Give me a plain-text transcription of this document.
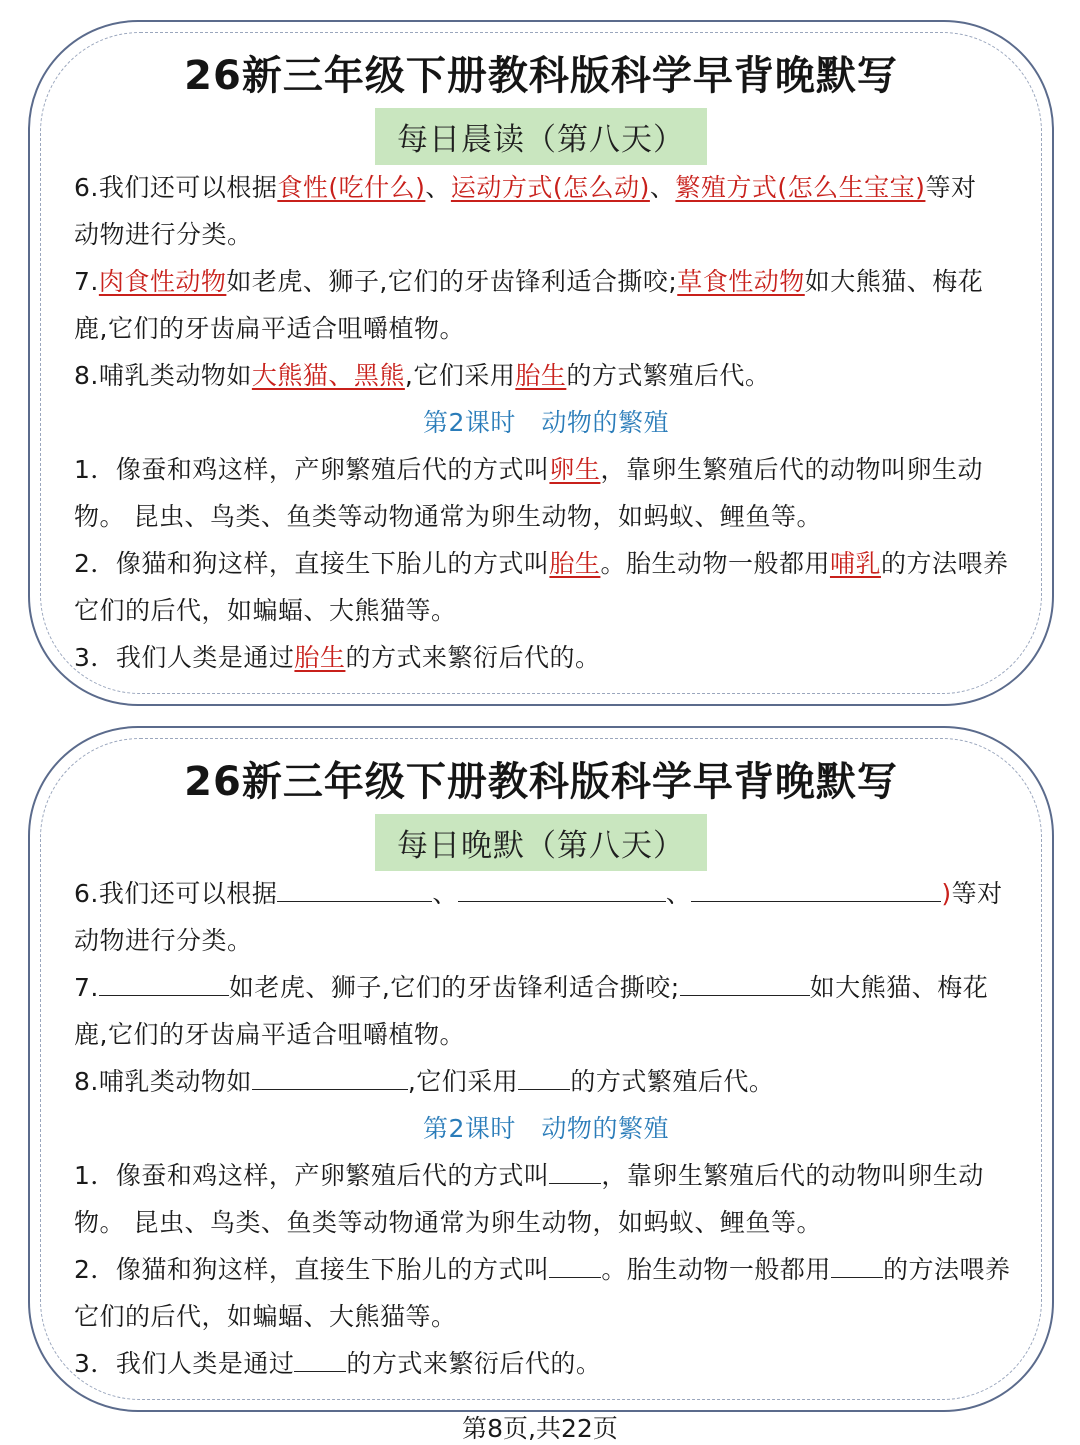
26新三年级下册教科版科学早背晚默写
每日晨读（第八天）
6.我们还可以根据食性(吃什么)、运动方式(怎么动)、繁殖方式(怎么生宝宝)等对
动物进行分类。
7.肉食性动物如老虎、狮子,它们的牙齿锋利适合撕咬;草食性动物如大熊猫、梅花
鹿,它们的牙齿扁平适合咀嚼植物。
8.哺乳类动物如大熊猫、黑熊,它们采用胎生的方式繁殖后代。
第2课时　动物的繁殖
1．像蚕和鸡这样，产卵繁殖后代的方式叫卵生，靠卵生繁殖后代的动物叫卵生动
物。 昆虫、鸟类、鱼类等动物通常为卵生动物，如蚂蚁、鲤鱼等。
2．像猫和狗这样，直接生下胎儿的方式叫胎生。胎生动物一般都用哺乳的方法喂养
它们的后代，如蝙蝠、大熊猫等。
3．我们人类是通过胎生的方式来繁衍后代的。
26新三年级下册教科版科学早背晚默写
每日晚默（第八天）
6.我们还可以根据	、	、	)等对
动物进行分类。
7.	如老虎、狮子,它们的牙齿锋利适合撕咬;	如大熊猫、梅花
鹿,它们的牙齿扁平适合咀嚼植物。
8.哺乳类动物如	,它们采用 的方式繁殖后代。
第2课时　动物的繁殖
1．像蚕和鸡这样，产卵繁殖后代的方式叫 ，靠卵生繁殖后代的动物叫卵生动
物。 昆虫、鸟类、鱼类等动物通常为卵生动物，如蚂蚁、鲤鱼等。
2．像猫和狗这样，直接生下胎儿的方式叫 。胎生动物一般都用 的方法喂养
它们的后代，如蝙蝠、大熊猫等。
3．我们人类是通过 的方式来繁衍后代的。
第8页,共22页
